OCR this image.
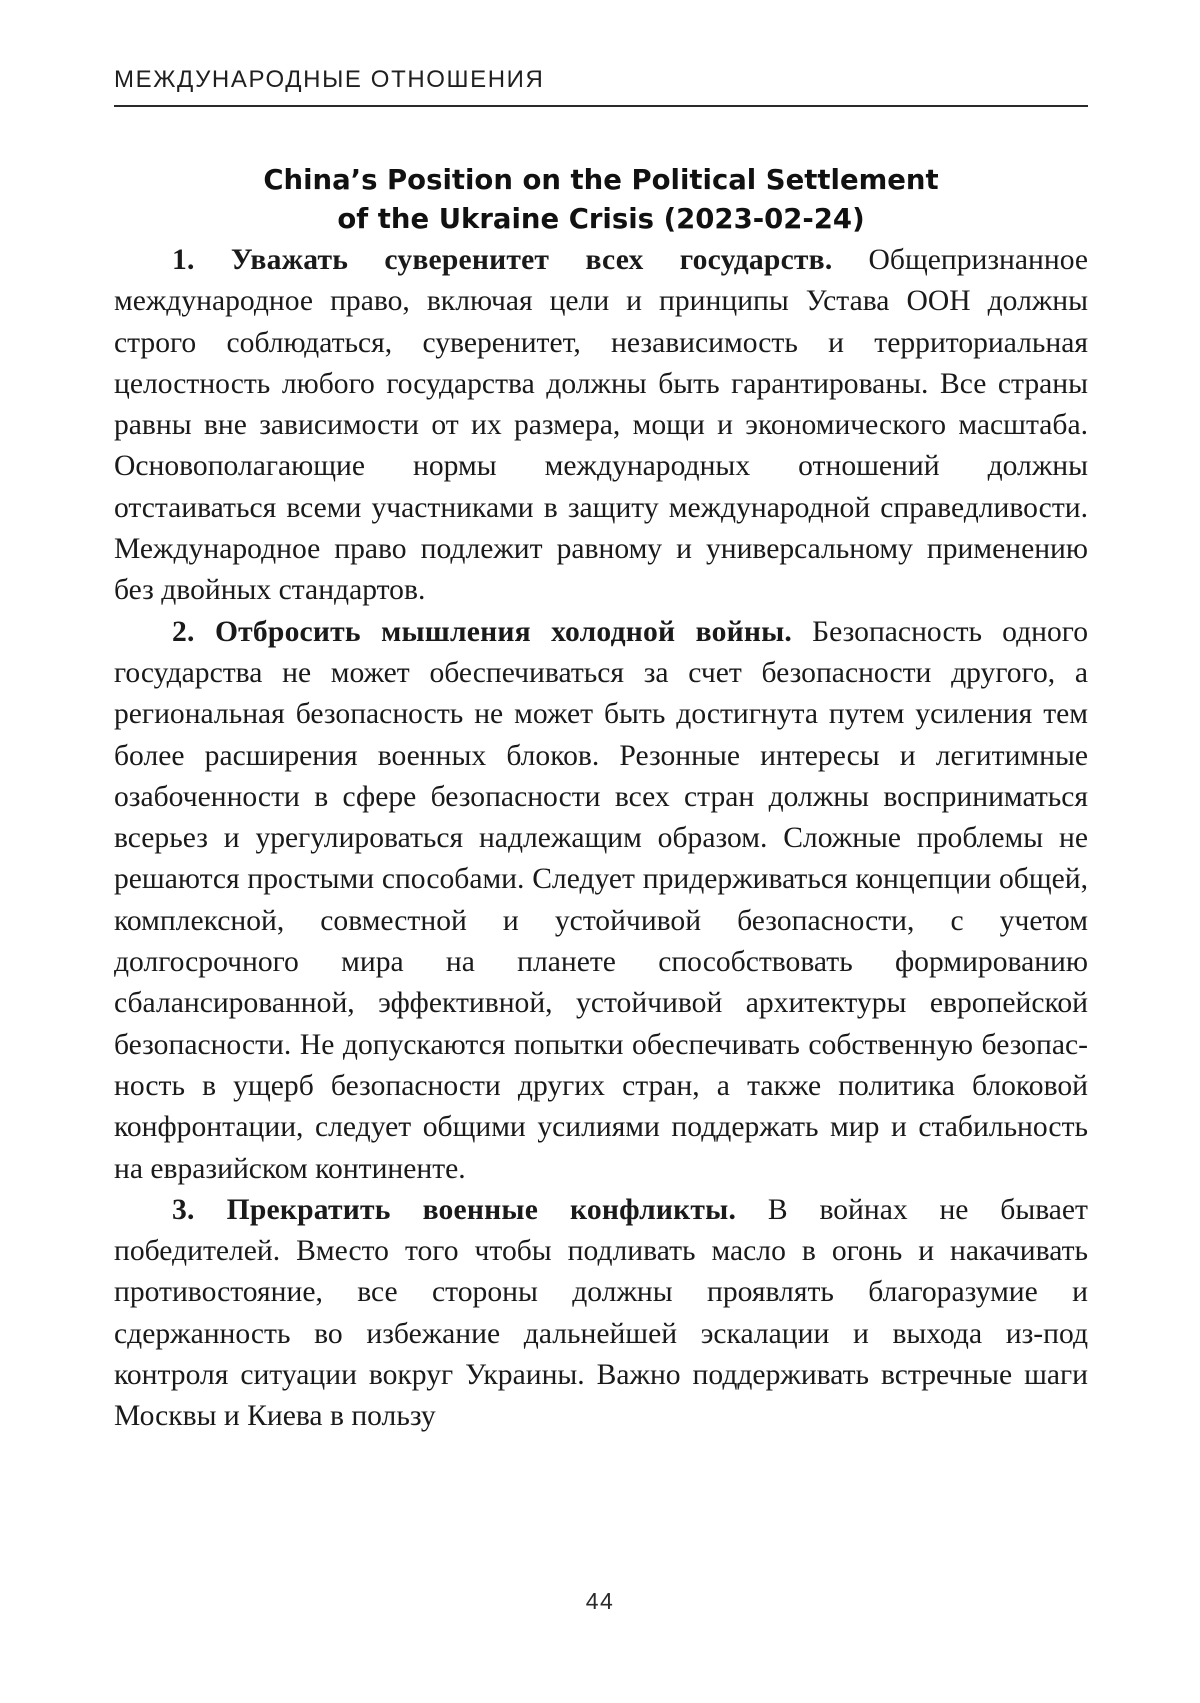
МЕЖДУНАРОДНЫЕ ОТНОШЕНИЯ
China’s Position on the Political Settlement
of the Ukraine Crisis (2023-02-24)

1. Уважать суверенитет всех государств. Общепризнанное международное право, включая цели и принципы Устава ООН должны строго соблюдаться, суверенитет, независимость и территориальная целостность любого государства должны быть гарантированы. Все страны равны вне зависимости от их размера, мощи и экономического масштаба. Основополагающие нормы международных отношений должны отстаиваться всеми участниками в защиту международной справедливости. Международное право подлежит равному и универсальному применению без двойных стандартов.

2. Отбросить мышления холодной войны. Безопасность одного государства не может обеспечиваться за счет безопасности другого, а региональная безопасность не может быть достигнута путем усиления тем более расширения военных блоков. Резонные интересы и легитимные озабоченности в сфере безопасности всех стран должны восприниматься всерьез и урегулироваться надлежащим образом. Сложные проблемы не решаются простыми способами. Следует придерживаться концепции общей, комплексной, совместной и устойчивой безопасности, с учетом долгосрочного мира на планете способствовать формированию сбалансированной, эффективной, устойчивой архитектуры европейской безопасности. Не допускаются попытки обеспечивать собственную безопасность в ущерб безопасности других стран, а также политика блоковой конфронтации, следует общими усилиями поддержать мир и стабильность на евразийском континенте.

3. Прекратить военные конфликты. В войнах не бывает победителей. Вместо того чтобы подливать масло в огонь и накачивать противостояние, все стороны должны проявлять благоразумие и сдержанность во избежание дальнейшей эскалации и выхода из-под контроля ситуации вокруг Украины. Важно поддерживать встречные шаги Москвы и Киева в пользу

44
